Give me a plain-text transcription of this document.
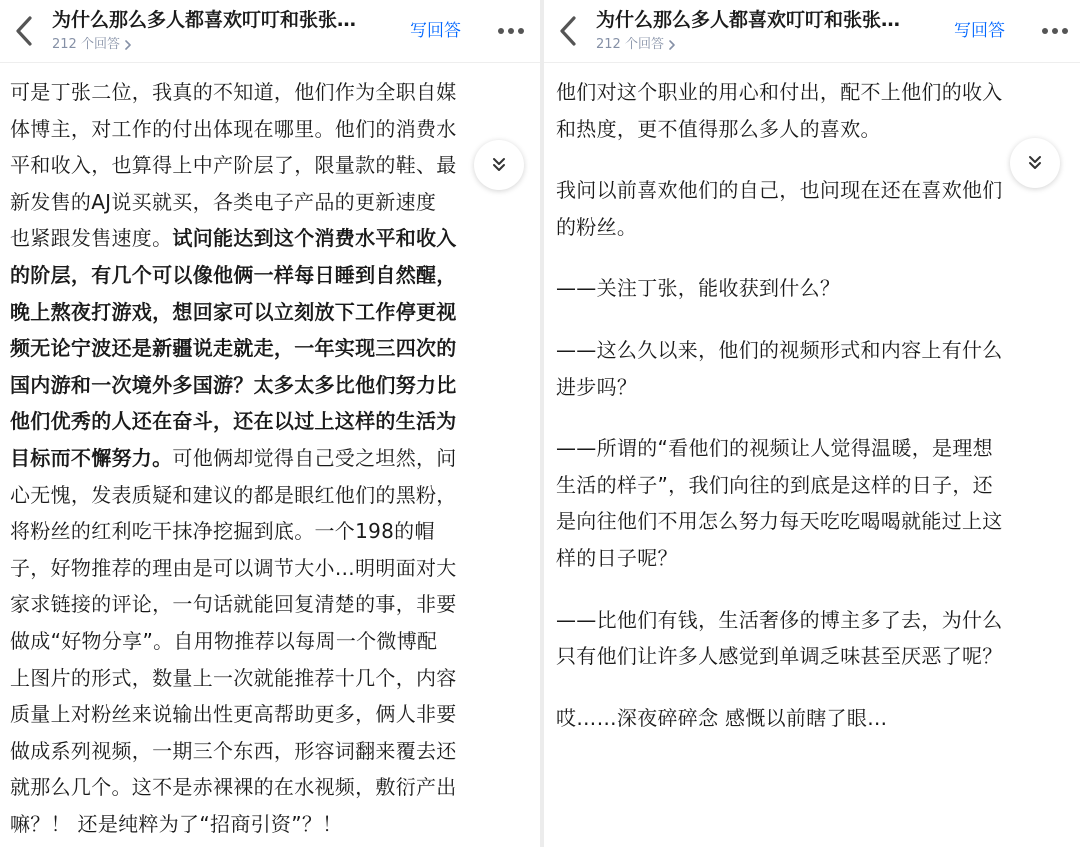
为什么那么多人都喜欢叮叮和张张…
212 个回答
写回答

可是丁张二位，我真的不知道，他们作为全职自媒

体博主，对工作的付出体现在哪里。他们的消费水

平和收入，也算得上中产阶层了，限量款的鞋、最

新发售的AJ说买就买，各类电子产品的更新速度

也紧跟发售速度。试问能达到这个消费水平和收入

的阶层，有几个可以像他俩一样每日睡到自然醒，

晚上熬夜打游戏，想回家可以立刻放下工作停更视

频无论宁波还是新疆说走就走，一年实现三四次的

国内游和一次境外多国游？太多太多比他们努力比

他们优秀的人还在奋斗，还在以过上这样的生活为

目标而不懈努力。可他俩却觉得自己受之坦然，问

心无愧，发表质疑和建议的都是眼红他们的黑粉，

将粉丝的红利吃干抹净挖掘到底。一个198的帽

子，好物推荐的理由是可以调节大小…明明面对大

家求链接的评论，一句话就能回复清楚的事，非要

做成“好物分享”。自用物推荐以每周一个微博配

上图片的形式，数量上一次就能推荐十几个，内容

质量上对粉丝来说输出性更高帮助更多，俩人非要

做成系列视频，一期三个东西，形容词翻来覆去还

就那么几个。这不是赤裸裸的在水视频，敷衍产出

嘛？！ 还是纯粹为了“招商引资”？！

为什么那么多人都喜欢叮叮和张张…
212 个回答
写回答

他们对这个职业的用心和付出，配不上他们的收入

和热度，更不值得那么多人的喜欢。

我问以前喜欢他们的自己，也问现在还在喜欢他们

的粉丝。

——关注丁张，能收获到什么？

——这么久以来，他们的视频形式和内容上有什么

进步吗？

——所谓的“看他们的视频让人觉得温暖，是理想

生活的样子”，我们向往的到底是这样的日子，还

是向往他们不用怎么努力每天吃吃喝喝就能过上这

样的日子呢？

——比他们有钱，生活奢侈的博主多了去，为什么

只有他们让许多人感觉到单调乏味甚至厌恶了呢？

哎……深夜碎碎念 感慨以前瞎了眼…
